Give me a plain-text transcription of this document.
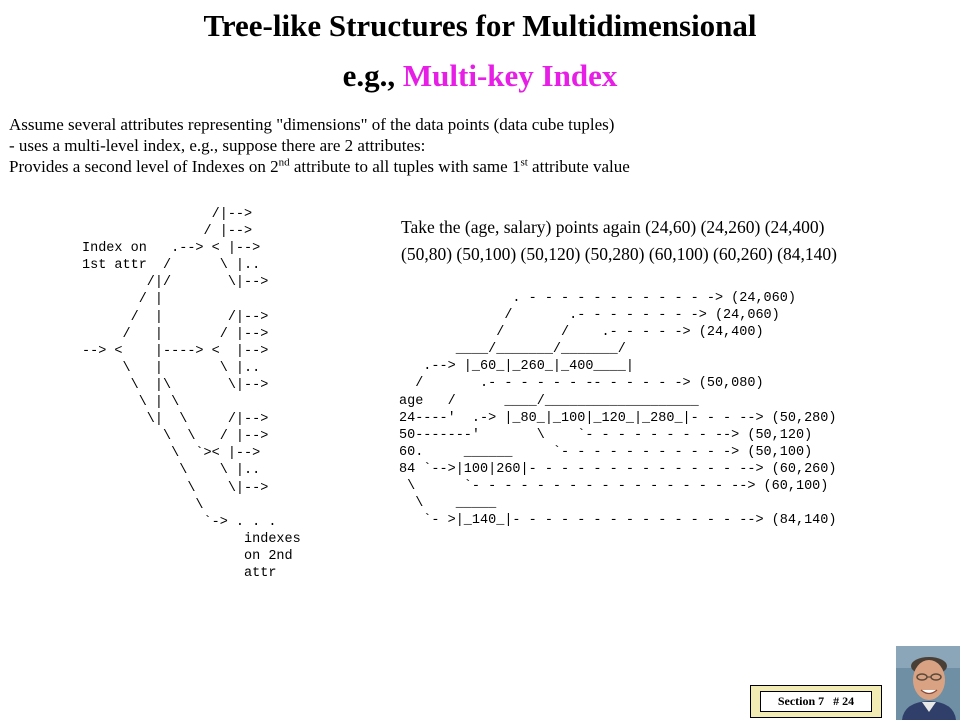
Tree-like Structures for Multidimensional
e.g., Multi-key Index

Assume several attributes representing "dimensions" of the data points (data cube tuples)

- uses a multi-level index, e.g., suppose there are 2 attributes:

Provides a second level of Indexes on 2nd attribute to all tuples with same 1st attribute value

/|-->
/ |-->
Index on   .--> < |-->
1st attr  /      \ |..
/|/       \|-->
/ |
/  |        /|-->
/   |       / |-->
--> <    |----> <  |-->
\   |       \ |..
\  |\       \|-->
\ | \
\|  \     /|-->
\  \   / |-->
\  `>< |-->
\    \ |..
\    \|-->
\
`-> . . .
indexes
on 2nd
attr

Take the (age, salary) points again (24,60) (24,260) (24,400)

(50,80) (50,100) (50,120) (50,280) (60,100) (60,260) (84,140)

. - - - - - - - - - - - -> (24,060)
/       .- - - - - - - -> (24,060)
/       /    .- - - - -> (24,400)
____/_______/_______/
.--> |_60_|_260_|_400____|
/       .- - - - - - -- - - - - -> (50,080)
age   /      ____/___________________
24----'  .-> |_80_|_100|_120_|_280_|- - - --> (50,280)
50-------'       \    `- - - - - - - - --> (50,120)
60.     ______     `- - - - - - - - - - -> (50,100)
84 `-->|100|260|- - - - - - - - - - - - - --> (60,260)
\      `- - - - - - - - - - - - - - - - --> (60,100)
\    _____
`- >|_140_|- - - - - - - - - - - - - - --> (84,140)
Section 7 # 24
